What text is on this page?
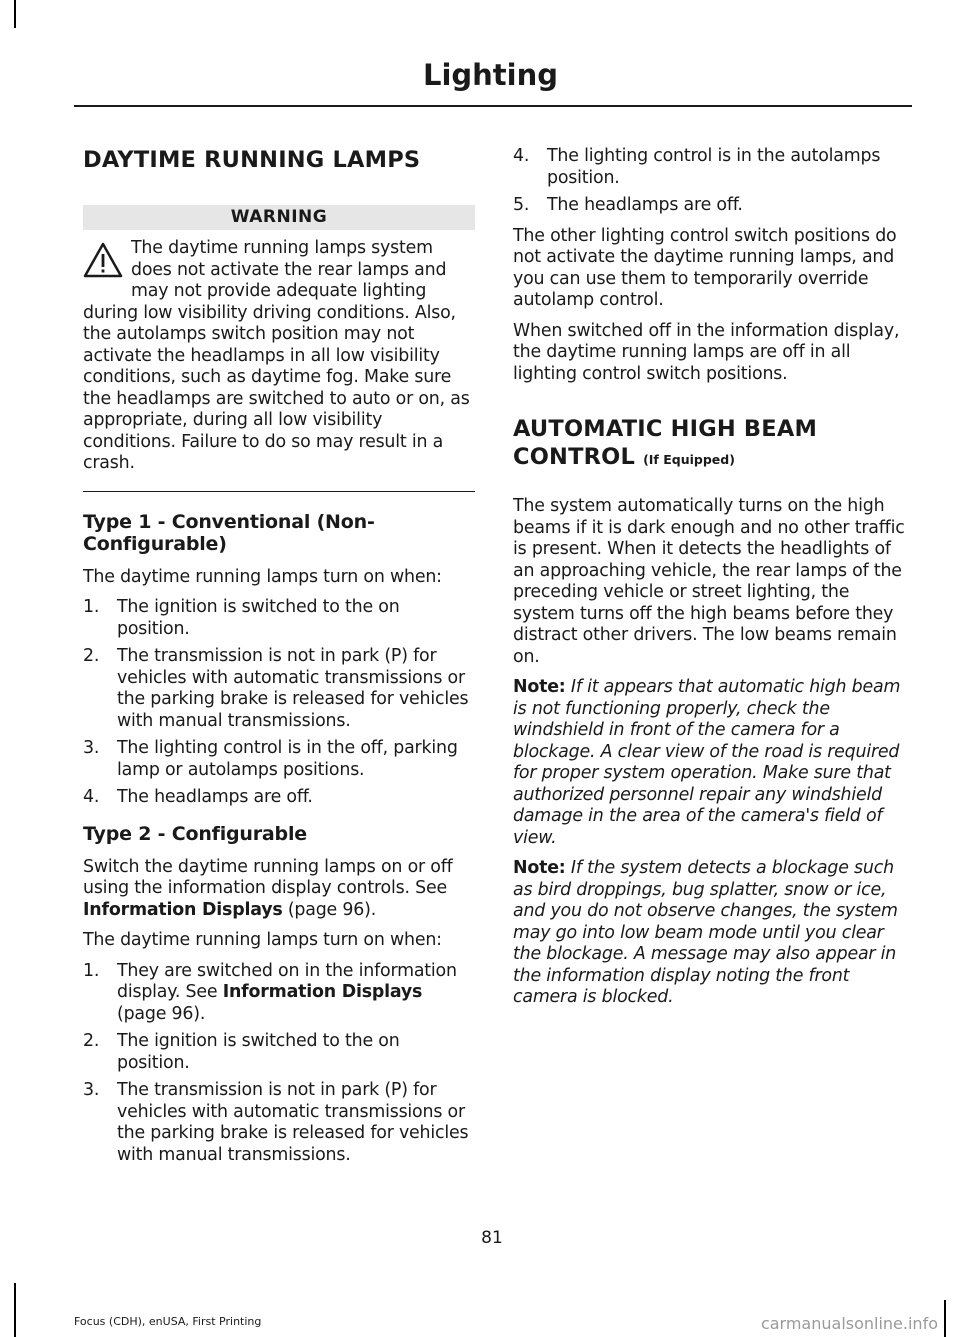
Lighting
DAYTIME RUNNING LAMPS
WARNING

The daytime running lamps system does not activate the rear lamps and may not provide adequate lighting during low visibility driving conditions. Also, the autolamps switch position may not activate the headlamps in all low visibility conditions, such as daytime fog. Make sure the headlamps are switched to auto or on, as appropriate, during all low visibility conditions. Failure to do so may result in a crash.

Type 1 - Conventional (Non-Configurable)

The daytime running lamps turn on when:

1. The ignition is switched to the on position.
2. The transmission is not in park (P) for vehicles with automatic transmissions or the parking brake is released for vehicles with manual transmissions.
3. The lighting control is in the off, parking lamp or autolamps positions.
4. The headlamps are off.
Type 2 - Configurable

Switch the daytime running lamps on or off using the information display controls. See Information Displays (page 96).

The daytime running lamps turn on when:

1. They are switched on in the information display. See Information Displays (page 96).
2. The ignition is switched to the on position.
3. The transmission is not in park (P) for vehicles with automatic transmissions or the parking brake is released for vehicles with manual transmissions.
4. The lighting control is in the autolamps position.
5. The headlamps are off.

The other lighting control switch positions do not activate the daytime running lamps, and you can use them to temporarily override autolamp control.

When switched off in the information display, the daytime running lamps are off in all lighting control switch positions.

AUTOMATIC HIGH BEAM
CONTROL (If Equipped)

The system automatically turns on the high beams if it is dark enough and no other traffic is present. When it detects the headlights of an approaching vehicle, the rear lamps of the preceding vehicle or street lighting, the system turns off the high beams before they distract other drivers. The low beams remain on.

Note: If it appears that automatic high beam is not functioning properly, check the windshield in front of the camera for a blockage. A clear view of the road is required for proper system operation. Make sure that authorized personnel repair any windshield damage in the area of the camera's field of view.

Note: If the system detects a blockage such as bird droppings, bug splatter, snow or ice, and you do not observe changes, the system may go into low beam mode until you clear the blockage. A message may also appear in the information display noting the front camera is blocked.

81
Focus (CDH), enUSA, First Printing	carmanualsonline.info
